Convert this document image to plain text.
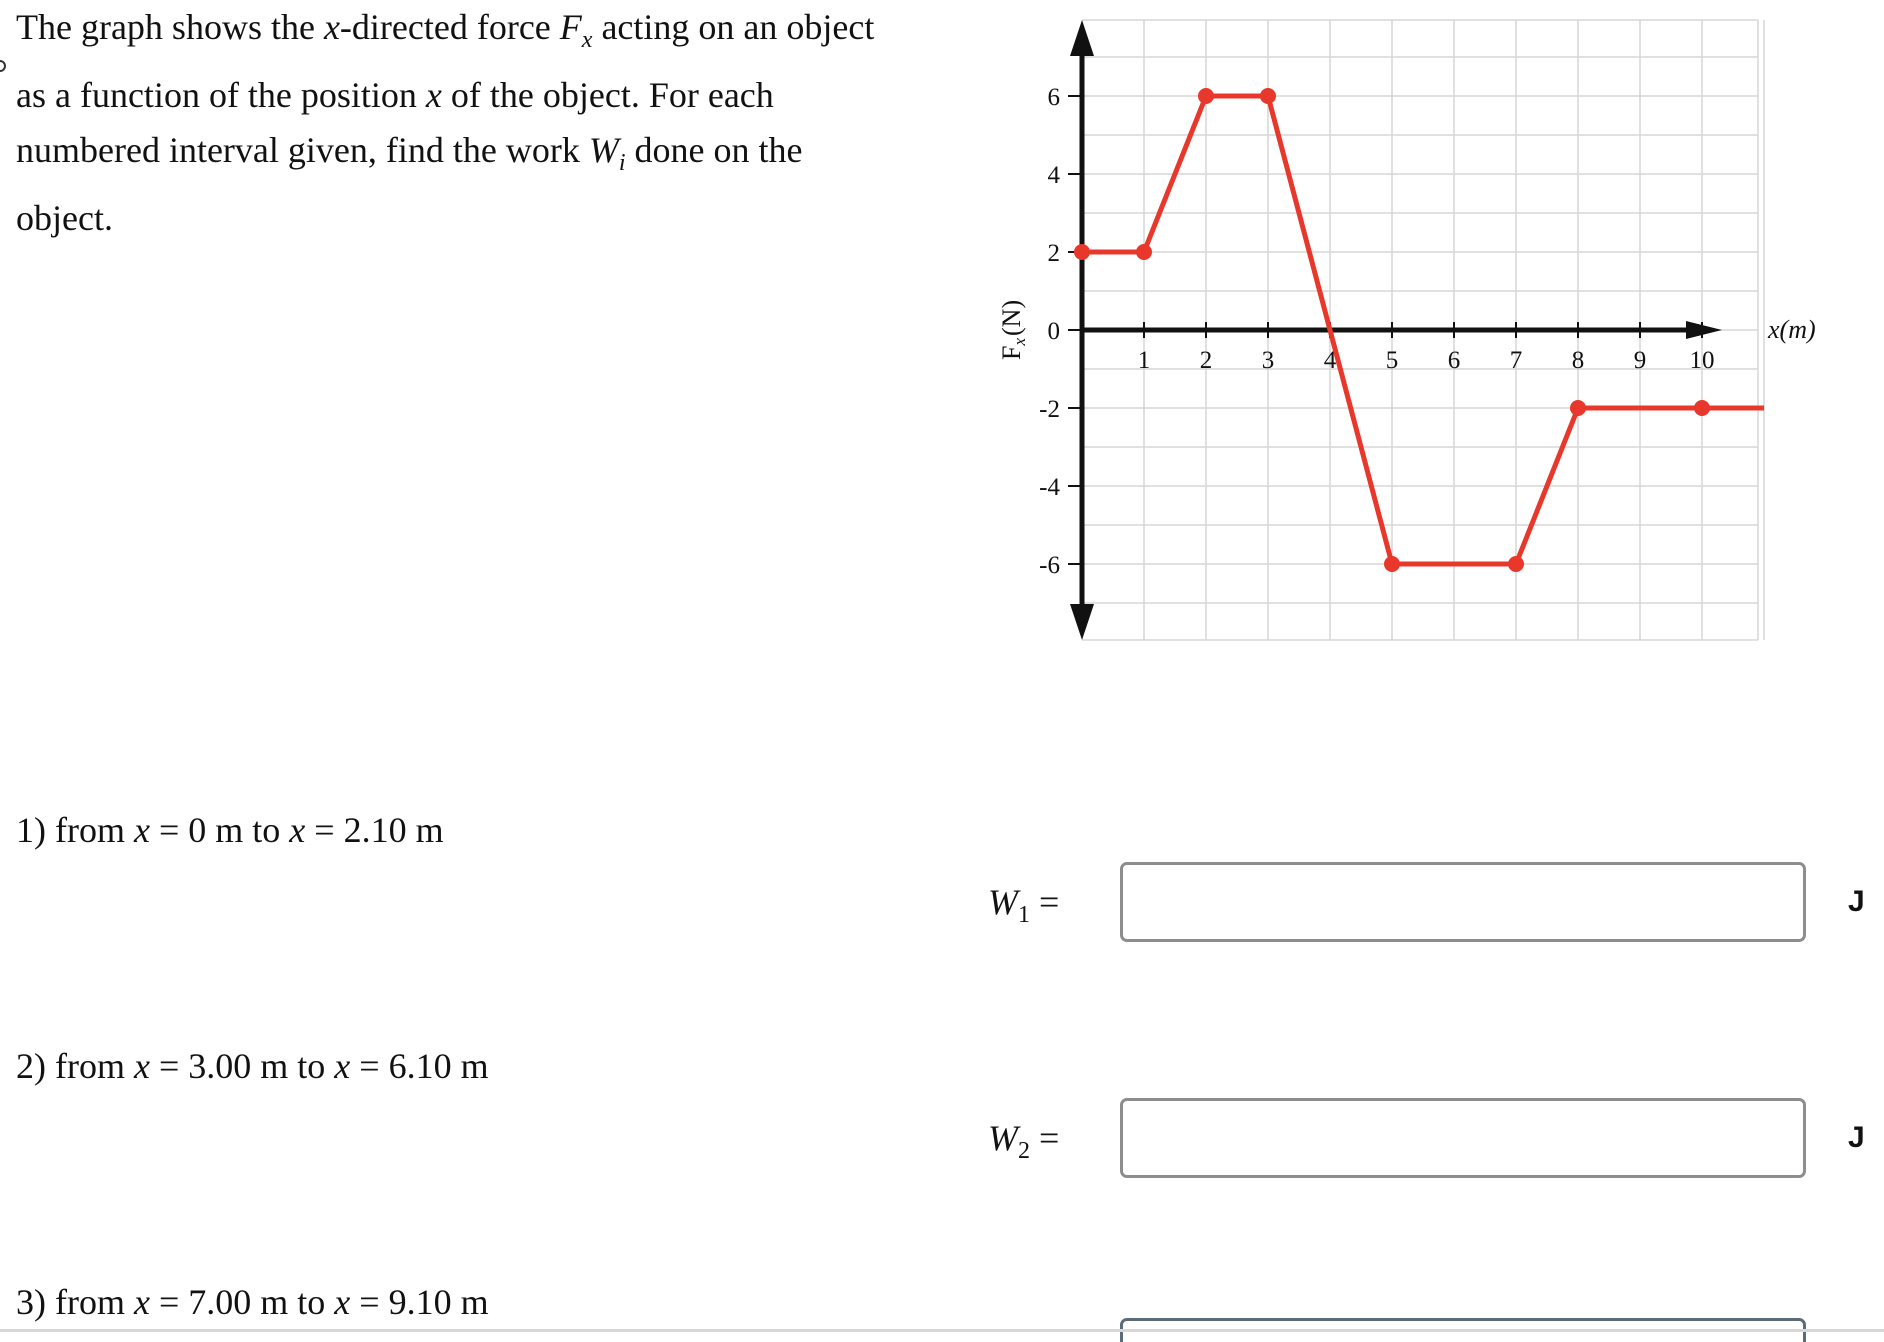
The graph shows the x-directed force $F_x$ acting on an object as a function of the position x of the object. For each numbered interval given, find the work $W_i$ done on the object.
1 2 3 4 5 6 7 8 9 10
6
4
2
0
-2
-4
-6
x(m)
Fx(N)
1) from x = 0 m to x = 2.10 m
$W_1$ =	J
2) from x = 3.00 m to x = 6.10 m
$W_2$ =	J
3) from x = 7.00 m to x = 9.10 m
